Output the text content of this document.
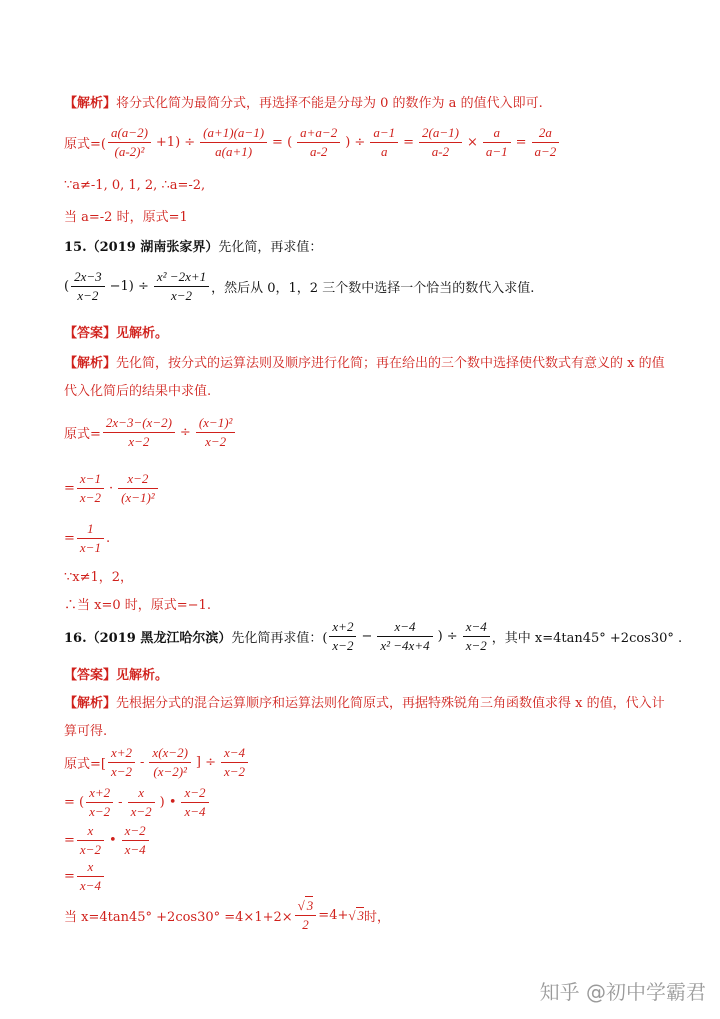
【解析】将分式化简为最简分式，再选择不能是分母为 0 的数作为 a 的值代入即可.
原式=( $\frac{a(a-2)}{\text{(a-2)²}} +1) \div \frac{(a+1)(a-1)}{a(a+1)}$ = ( $\frac{a+a-2}{a-2}$ ) ÷ $\frac{a-1}{a} = \frac{2(a-1)}{a-2} \times \frac{a}{a-1} = \frac{2a}{a-2}$
∵a≠-1, 0, 1, 2, ∴a=-2,
当 a=-2 时，原式=1
15.（2019 湖南张家界）先化简，再求值：
( $\frac{2x-3}{x-2} -1) \div \frac{\text{x² −2x+1}}{x-2}$ ，然后从 0，1，2 三个数中选择一个恰当的数代入求值.
【答案】见解析。
【解析】先化简，按分式的运算法则及顺序进行化简；再在给出的三个数中选择使代数式有意义的 x 的值
代入化简后的结果中求值.
原式= $\frac{2x-3-(x-2)}{x-2} \div \frac{\text{(x−1)²}}{x-2}$
= $\frac{x-1}{x-2} \cdot \frac{x-2}{\text{(x−1)²}}$
= $\frac{1}{x-1}$ .
∵x≠1，2，
∴当 x=0 时，原式=−1.
16.（2019 黑龙江哈尔滨） 先化简再求值：( $\frac{x+2}{x-2} - \frac{x-4}{\text{x² −4x+4}}$ ) ÷ $\frac{x-4}{x-2}$ ，其中 x=4tan45° +2cos30° .
【答案】见解析。
【解析】先根据分式的混合运算顺序和运算法则化简原式，再据特殊锐角三角函数值求得 x 的值，代入计
算可得.
原式=[ $\frac{x+2}{x-2} - \frac{x(x-2)}{\text{(x−2)²}}$ ] ÷ $\frac{x-4}{x-2}$
= ( $\frac{x+2}{x-2} - \frac{x}{x-2}$ ) • $\frac{x-2}{x-4}$
= $\frac{x}{x-2}$ • $\frac{x-2}{x-4}$
= $\frac{x}{x-4}$
当 $x=4\tan 45^\circ +2\cos 30^\circ =4\times 1+2\times \frac{√ 3}{2} =4+$ √ 3 时，
知乎 @初中学霸君
